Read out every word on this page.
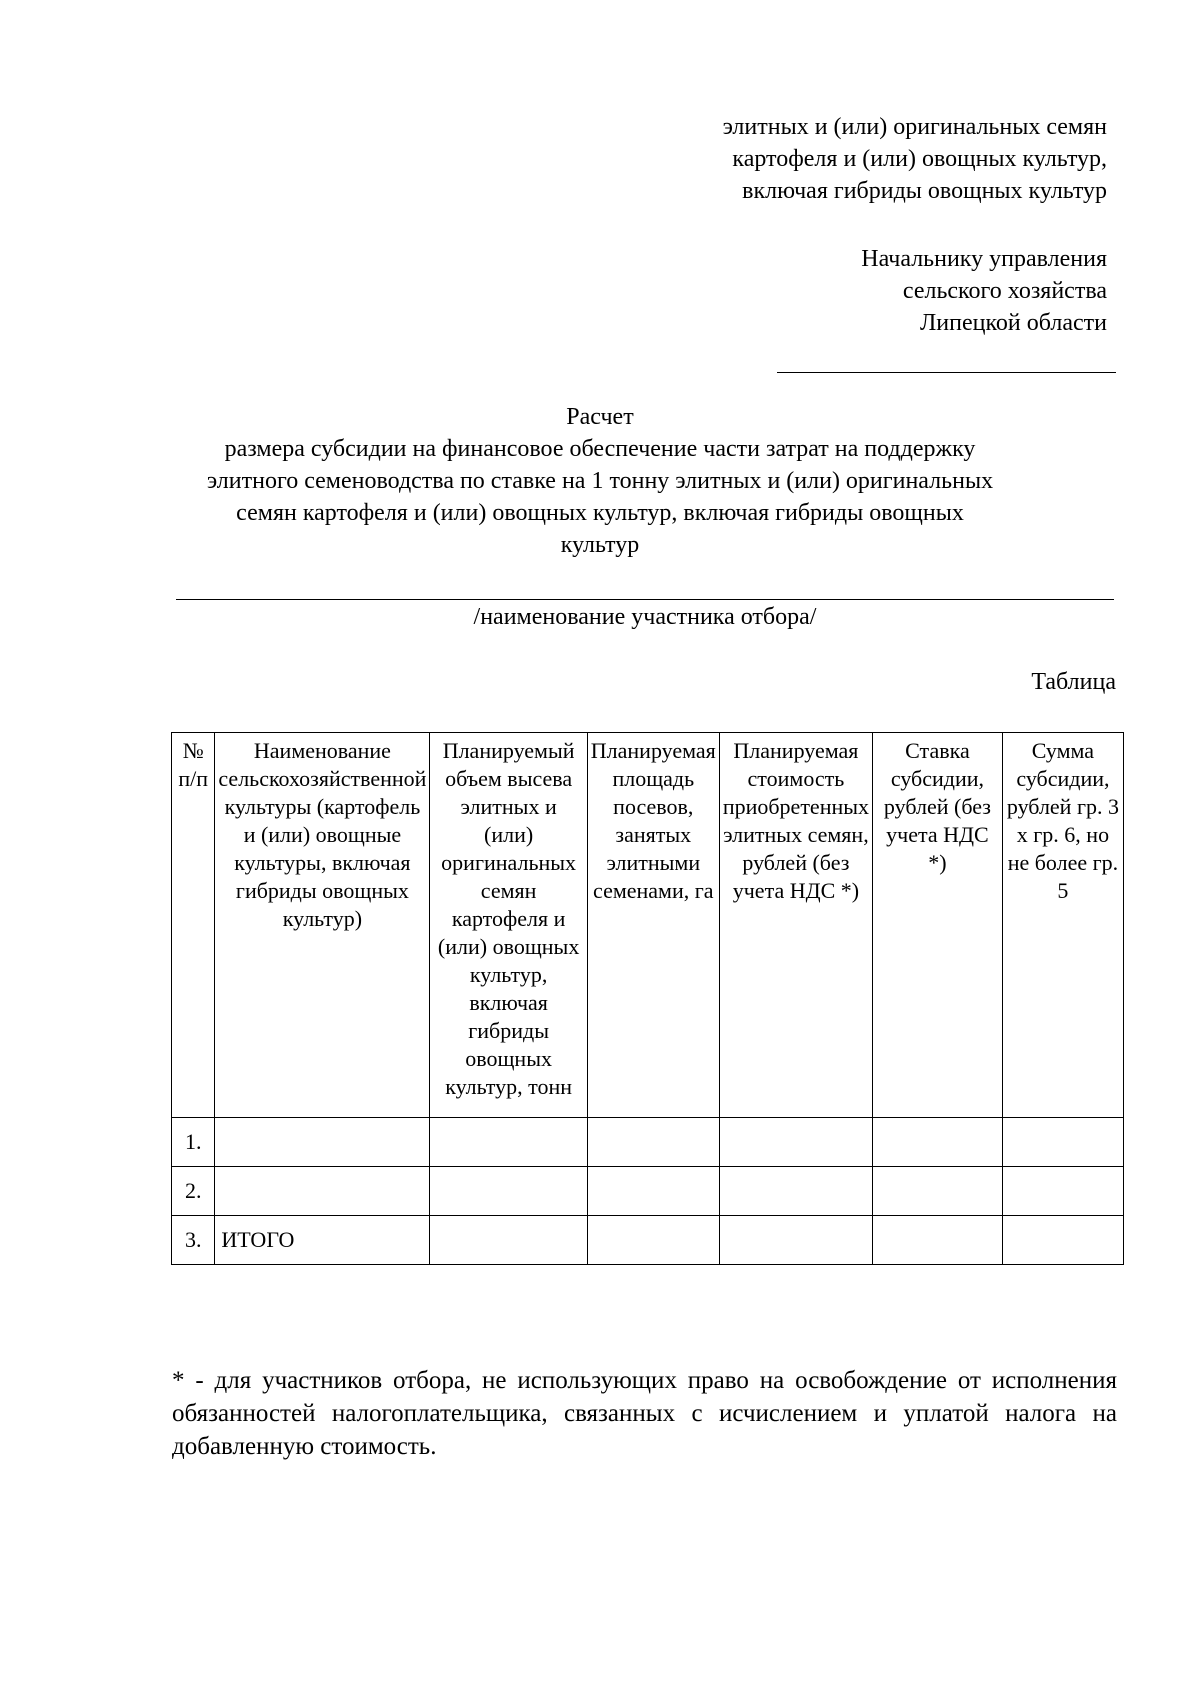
элитных и (или) оригинальных семян
картофеля и (или) овощных культур,
включая гибриды овощных культур
Начальнику управления
сельского хозяйства
Липецкой области
Расчет
размера субсидии на финансовое обеспечение части затрат на поддержку
элитного семеноводства по ставке на 1 тонну элитных и (или) оригинальных
семян картофеля и (или) овощных культур, включая гибриды овощных
культур
/наименование участника отбора/
Таблица
№ п/п	Наименование сельскохозяйственной культуры (картофель и (или) овощные культуры, включая гибриды овощных культур)	Планируемый объем высева элитных и (или) оригинальных семян картофеля и (или) овощных культур, включая гибриды овощных культур, тонн	Планируемая площадь посевов, занятых элитными семенами, га	Планируемая стоимость приобретенных элитных семян, рублей (без учета НДС *)	Ставка субсидии, рублей (без учета НДС *)	Сумма субсидии, рублей гр. 3 х гр. 6, но не более гр. 5
1.						
2.						
3.	ИТОГО					
* - для участников отбора, не использующих право на освобождение от исполнения обязанностей налогоплательщика, связанных с исчислением и уплатой налога на добавленную стоимость.
